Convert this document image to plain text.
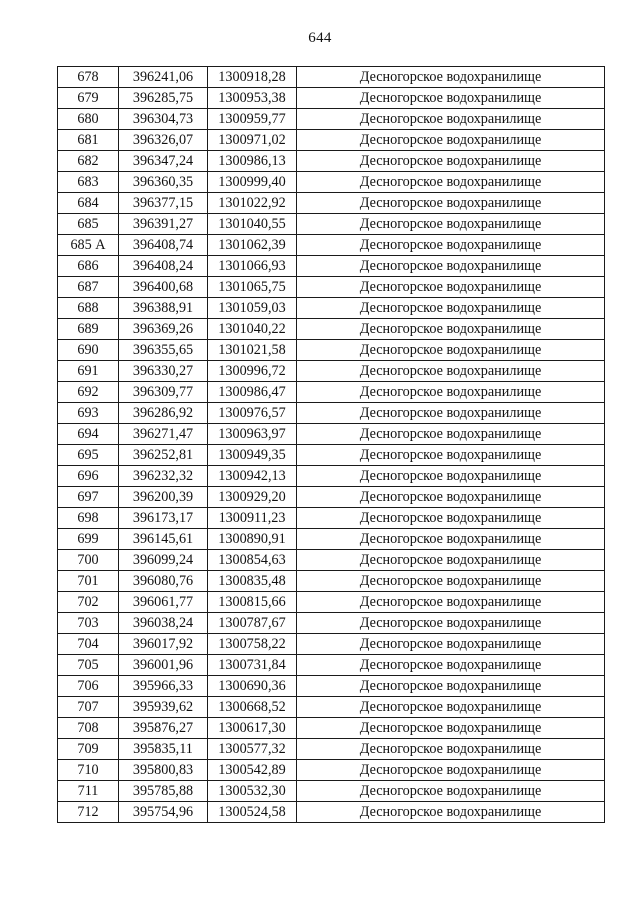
644
678	396241,06	1300918,28	Десногорское водохранилище
679	396285,75	1300953,38	Десногорское водохранилище
680	396304,73	1300959,77	Десногорское водохранилище
681	396326,07	1300971,02	Десногорское водохранилище
682	396347,24	1300986,13	Десногорское водохранилище
683	396360,35	1300999,40	Десногорское водохранилище
684	396377,15	1301022,92	Десногорское водохранилище
685	396391,27	1301040,55	Десногорское водохранилище
685 А	396408,74	1301062,39	Десногорское водохранилище
686	396408,24	1301066,93	Десногорское водохранилище
687	396400,68	1301065,75	Десногорское водохранилище
688	396388,91	1301059,03	Десногорское водохранилище
689	396369,26	1301040,22	Десногорское водохранилище
690	396355,65	1301021,58	Десногорское водохранилище
691	396330,27	1300996,72	Десногорское водохранилище
692	396309,77	1300986,47	Десногорское водохранилище
693	396286,92	1300976,57	Десногорское водохранилище
694	396271,47	1300963,97	Десногорское водохранилище
695	396252,81	1300949,35	Десногорское водохранилище
696	396232,32	1300942,13	Десногорское водохранилище
697	396200,39	1300929,20	Десногорское водохранилище
698	396173,17	1300911,23	Десногорское водохранилище
699	396145,61	1300890,91	Десногорское водохранилище
700	396099,24	1300854,63	Десногорское водохранилище
701	396080,76	1300835,48	Десногорское водохранилище
702	396061,77	1300815,66	Десногорское водохранилище
703	396038,24	1300787,67	Десногорское водохранилище
704	396017,92	1300758,22	Десногорское водохранилище
705	396001,96	1300731,84	Десногорское водохранилище
706	395966,33	1300690,36	Десногорское водохранилище
707	395939,62	1300668,52	Десногорское водохранилище
708	395876,27	1300617,30	Десногорское водохранилище
709	395835,11	1300577,32	Десногорское водохранилище
710	395800,83	1300542,89	Десногорское водохранилище
711	395785,88	1300532,30	Десногорское водохранилище
712	395754,96	1300524,58	Десногорское водохранилище
